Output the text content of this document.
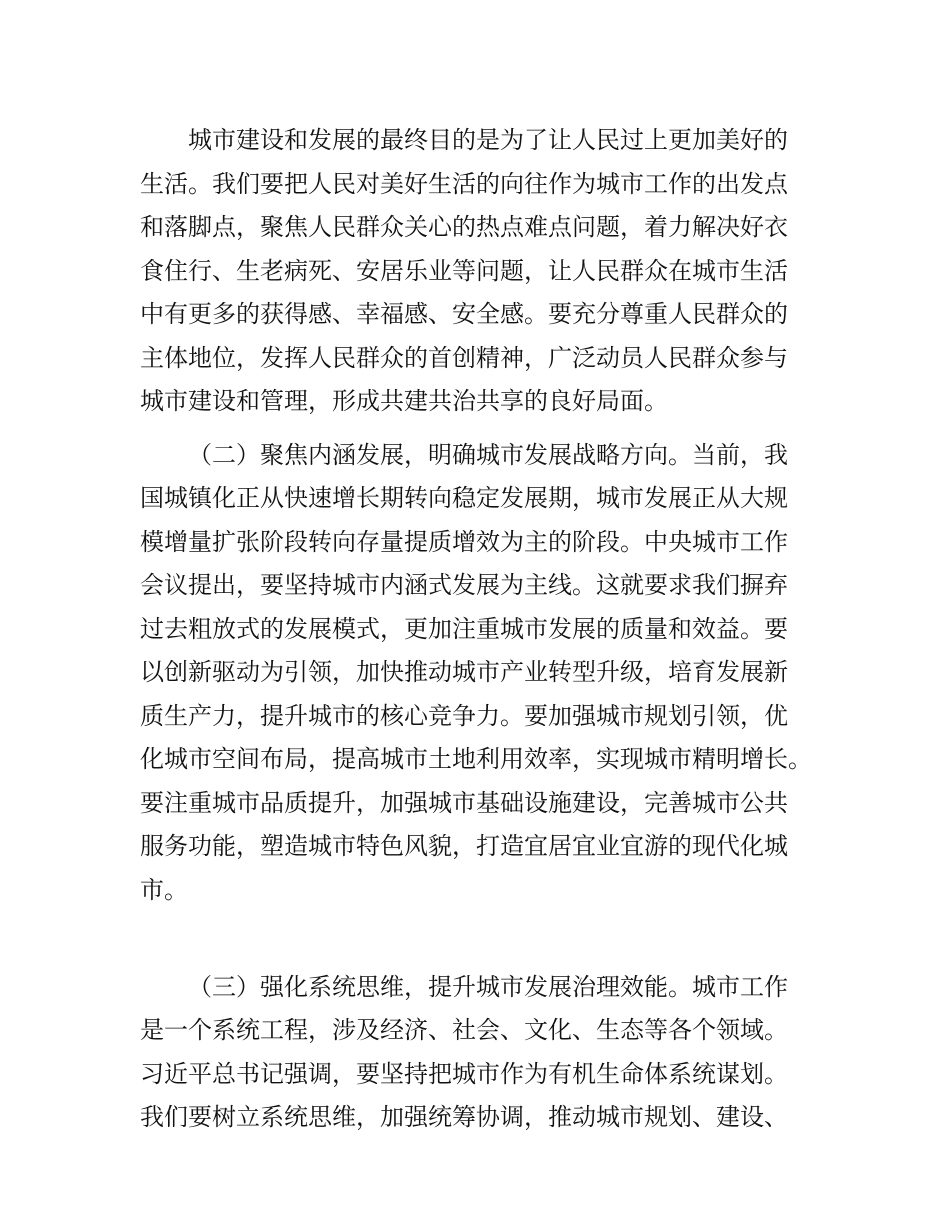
城市建设和发展的最终目的是为了让人民过上更加美好的
生活。我们要把人民对美好生活的向往作为城市工作的出发点
和落脚点，聚焦人民群众关心的热点难点问题，着力解决好衣
食住行、生老病死、安居乐业等问题，让人民群众在城市生活
中有更多的获得感、幸福感、安全感。要充分尊重人民群众的
主体地位，发挥人民群众的首创精神，广泛动员人民群众参与
城市建设和管理，形成共建共治共享的良好局面。
（二）聚焦内涵发展，明确城市发展战略方向。当前，我
国城镇化正从快速增长期转向稳定发展期，城市发展正从大规
模增量扩张阶段转向存量提质增效为主的阶段。中央城市工作
会议提出，要坚持城市内涵式发展为主线。这就要求我们摒弃
过去粗放式的发展模式，更加注重城市发展的质量和效益。要
以创新驱动为引领，加快推动城市产业转型升级，培育发展新
质生产力，提升城市的核心竞争力。要加强城市规划引领，优
化城市空间布局，提高城市土地利用效率，实现城市精明增长。
要注重城市品质提升，加强城市基础设施建设，完善城市公共
服务功能，塑造城市特色风貌，打造宜居宜业宜游的现代化城
市。
（三）强化系统思维，提升城市发展治理效能。城市工作
是一个系统工程，涉及经济、社会、文化、生态等各个领域。
习近平总书记强调，要坚持把城市作为有机生命体系统谋划。
我们要树立系统思维，加强统筹协调，推动城市规划、建设、
